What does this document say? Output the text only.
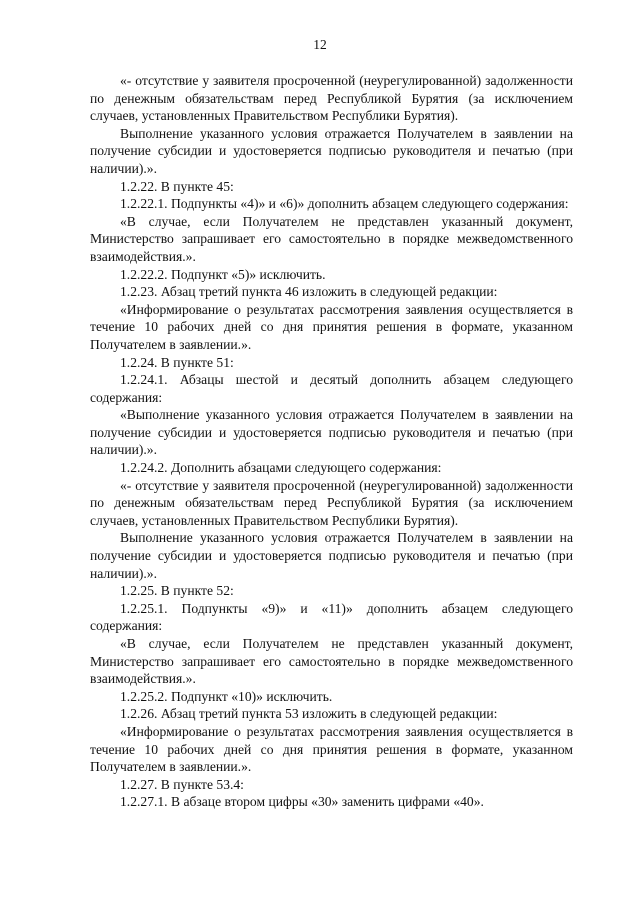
12

«- отсутствие у заявителя просроченной (неурегулированной) задолженности по денежным обязательствам перед Республикой Бурятия (за исключением случаев, установленных Правительством Республики Бурятия).

Выполнение указанного условия отражается Получателем в заявлении на получение субсидии и удостоверяется подписью руководителя и печатью (при наличии).».

1.2.22. В пункте 45:

1.2.22.1. Подпункты «4)» и «6)» дополнить абзацем следующего содержания:

«В случае, если Получателем не представлен указанный документ, Министерство запрашивает его самостоятельно в порядке межведомственного взаимодействия.».

1.2.22.2. Подпункт «5)» исключить.

1.2.23. Абзац третий пункта 46 изложить в следующей редакции:

«Информирование о результатах рассмотрения заявления осуществляется в течение 10 рабочих дней со дня принятия решения в формате, указанном Получателем в заявлении.».

1.2.24. В пункте 51:

1.2.24.1. Абзацы шестой и десятый дополнить абзацем следующего содержания:

«Выполнение указанного условия отражается Получателем в заявлении на получение субсидии и удостоверяется подписью руководителя и печатью (при наличии).».

1.2.24.2. Дополнить абзацами следующего содержания:

«- отсутствие у заявителя просроченной (неурегулированной) задолженности по денежным обязательствам перед Республикой Бурятия (за исключением случаев, установленных Правительством Республики Бурятия).

Выполнение указанного условия отражается Получателем в заявлении на получение субсидии и удостоверяется подписью руководителя и печатью (при наличии).».

1.2.25. В пункте 52:

1.2.25.1. Подпункты «9)» и «11)» дополнить абзацем следующего содержания:

«В случае, если Получателем не представлен указанный документ, Министерство запрашивает его самостоятельно в порядке межведомственного взаимодействия.».

1.2.25.2. Подпункт «10)» исключить.

1.2.26. Абзац третий пункта 53 изложить в следующей редакции:

«Информирование о результатах рассмотрения заявления осуществляется в течение 10 рабочих дней со дня принятия решения в формате, указанном Получателем в заявлении.».

1.2.27. В пункте 53.4:

1.2.27.1. В абзаце втором цифры «30» заменить цифрами «40».
